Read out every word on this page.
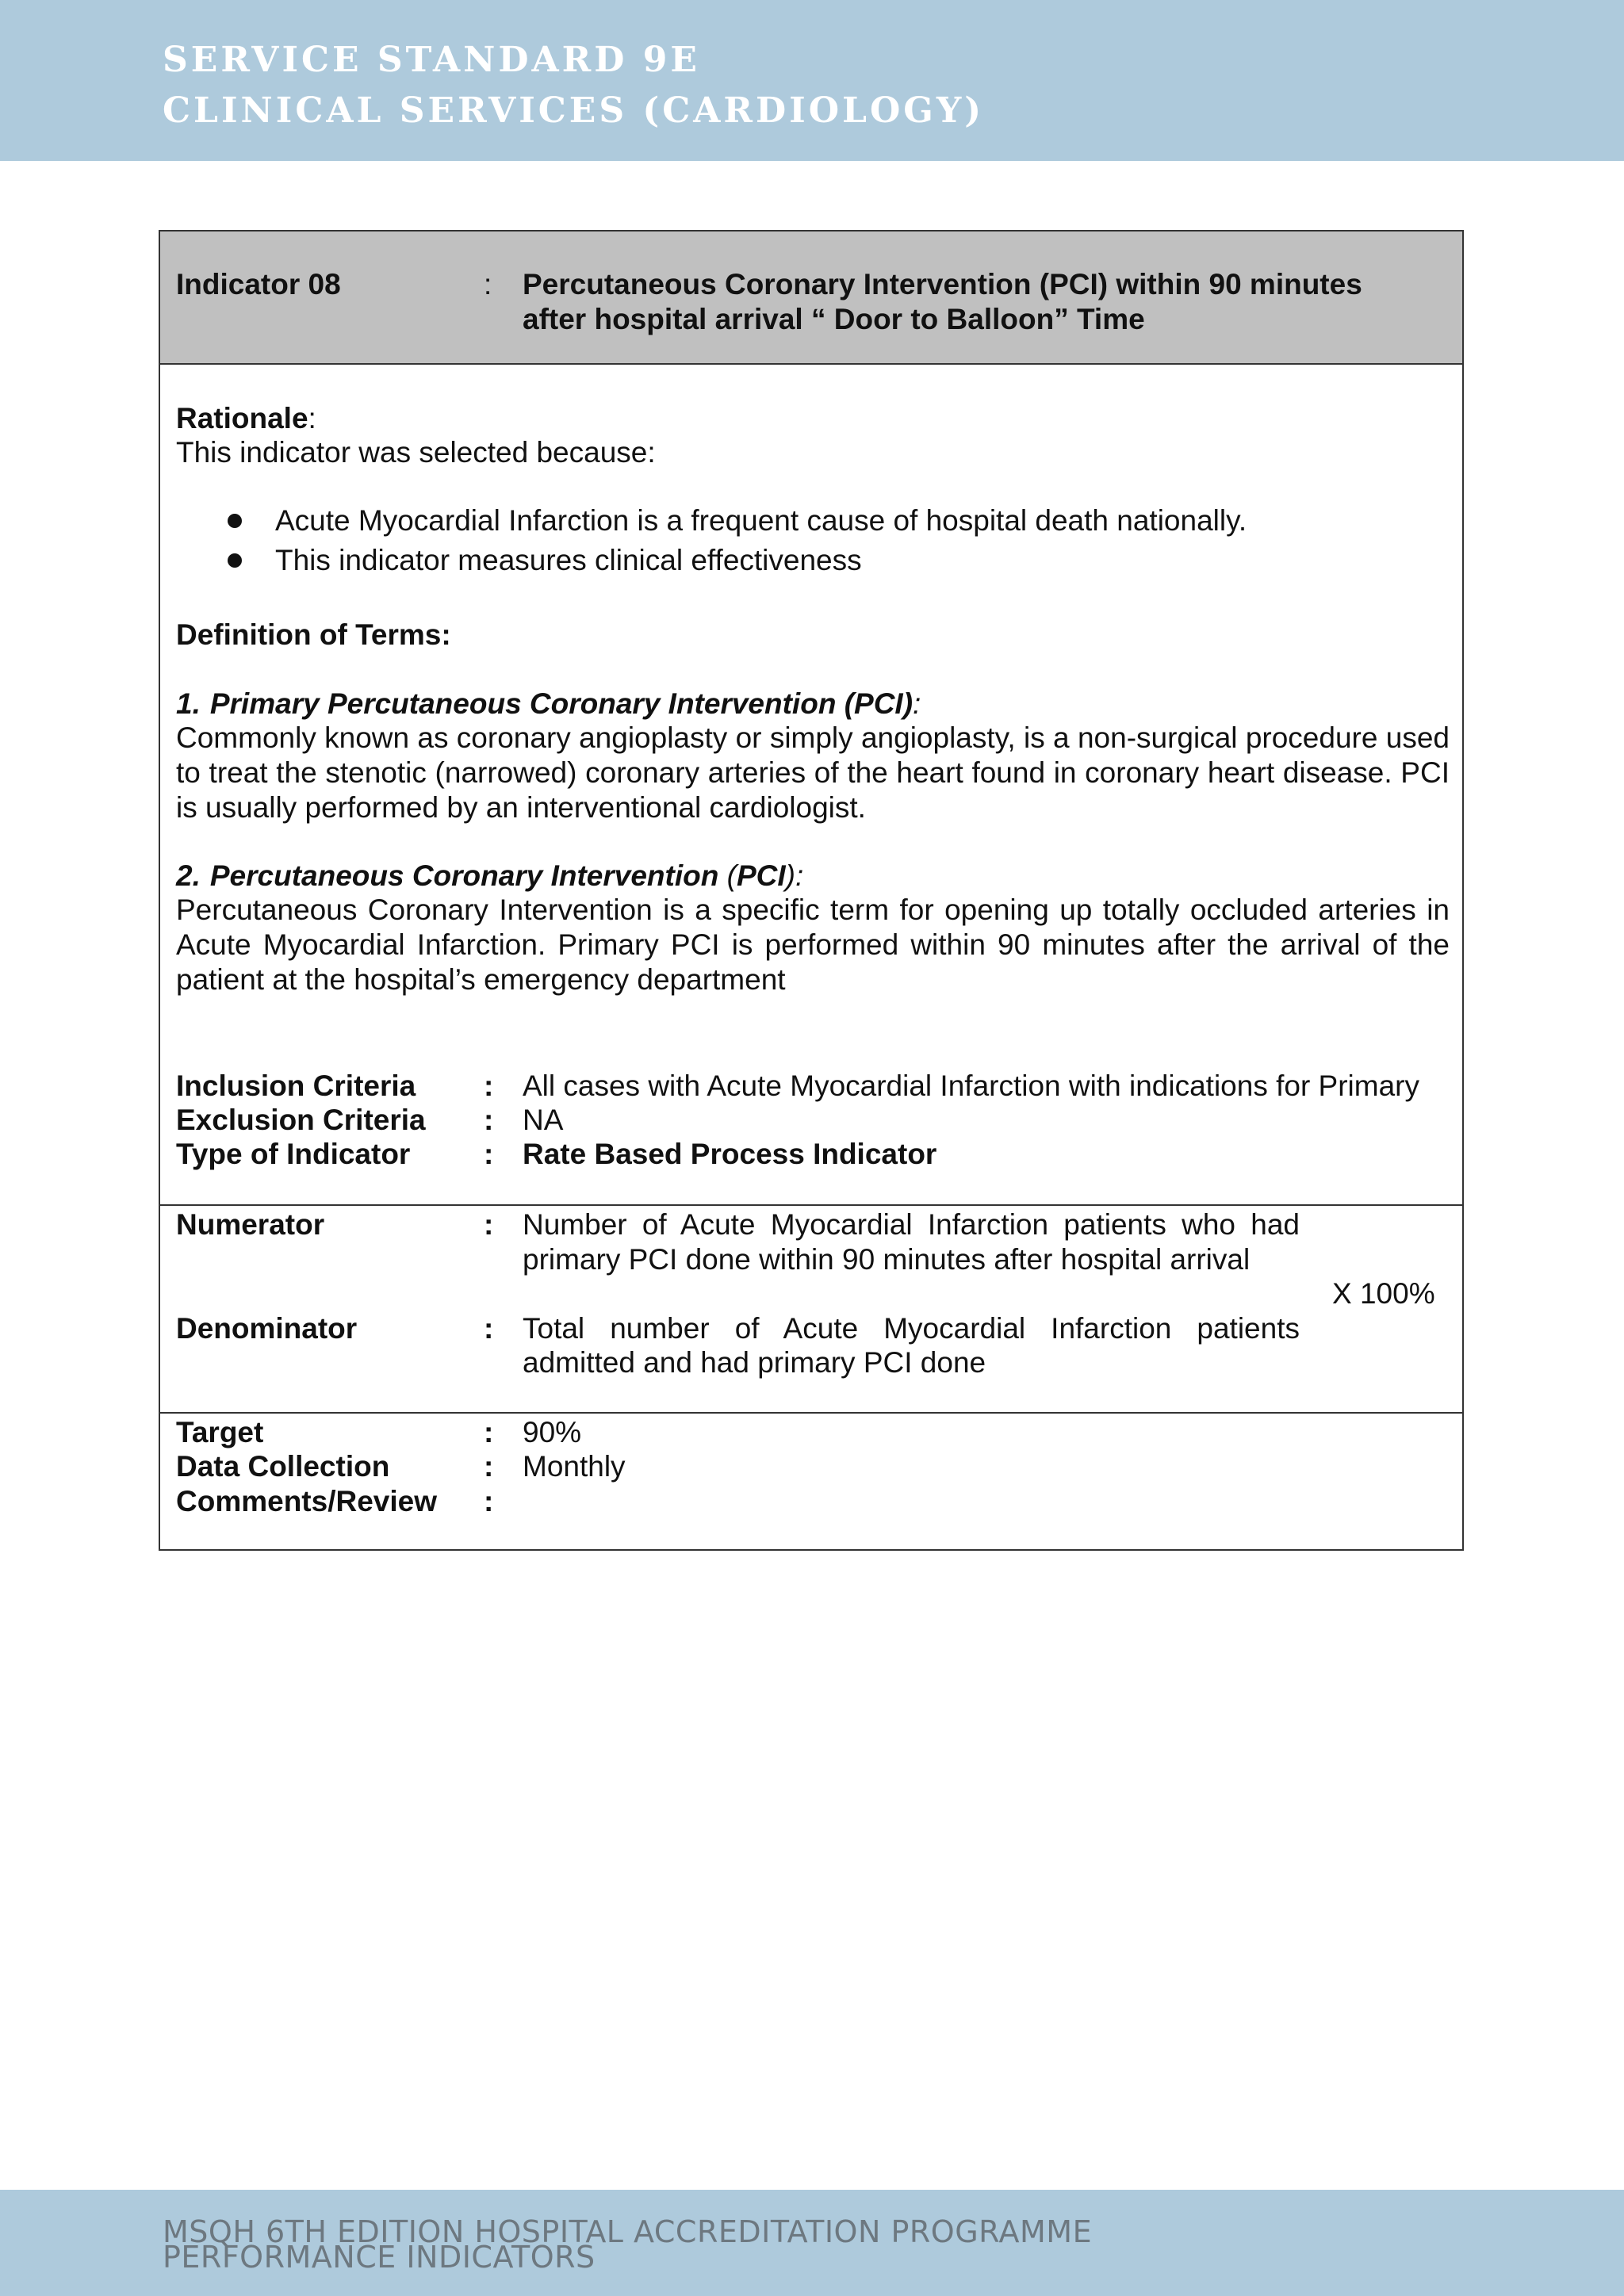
SERVICE STANDARD 9E
CLINICAL SERVICES (CARDIOLOGY)
Indicator 08	: Percutaneous Coronary Intervention (PCI) within 90 minutes
after hospital arrival “ Door to Balloon” Time
Rationale:
This indicator was selected because:
Acute Myocardial Infarction is a frequent cause of hospital death nationally.
This indicator measures clinical effectiveness
Definition of Terms:
1. Primary Percutaneous Coronary Intervention (PCI):
Commonly known as coronary angioplasty or simply angioplasty, is a non-surgical procedure used to treat the stenotic (narrowed) coronary arteries of the heart found in coronary heart disease. PCI is usually performed by an interventional cardiologist.
2. Percutaneous Coronary Intervention (PCI):
Percutaneous Coronary Intervention is a specific term for opening up totally occluded arteries in Acute Myocardial Infarction. Primary PCI is performed within 90 minutes after the arrival of the patient at the hospital’s emergency department
Inclusion Criteria : All cases with Acute Myocardial Infarction with indications for Primary
Exclusion Criteria : NA
Type of Indicator	: Rate Based Process Indicator
Numerator	: Number of Acute Myocardial Infarction patients who had
primary PCI done within 90 minutes after hospital arrival
X 100%
Denominator	: Total number of Acute Myocardial Infarction patients
admitted and had primary PCI done
Target	: 90%
Data Collection	: Monthly
Comments/Review :
MSQH 6TH EDITION HOSPITAL ACCREDITATION PROGRAMME
PERFORMANCE INDICATORS
